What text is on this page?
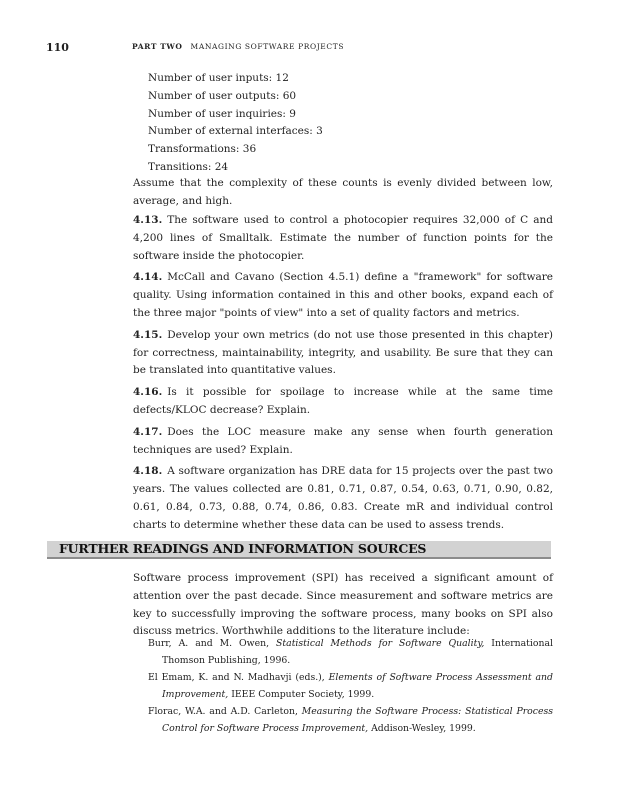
110	PART TWO MANAGING SOFTWARE PROJECTS
Number of user inputs: 12
Number of user outputs: 60
Number of user inquiries: 9
Number of external interfaces: 3
Transformations: 36
Transitions: 24

Assume that the complexity of these counts is evenly divided between low, average, and high.

4.13. The software used to control a photocopier requires 32,000 of C and 4,200 lines of Smalltalk. Estimate the number of function points for the software inside the photocopier.

4.14. McCall and Cavano (Section 4.5.1) define a "framework" for software quality. Using information contained in this and other books, expand each of the three major "points of view" into a set of quality factors and metrics.

4.15. Develop your own metrics (do not use those presented in this chapter) for correctness, maintainability, integrity, and usability. Be sure that they can be translated into quantitative values.

4.16. Is it possible for spoilage to increase while at the same time defects/KLOC decrease? Explain.

4.17. Does the LOC measure make any sense when fourth generation techniques are used? Explain.

4.18. A software organization has DRE data for 15 projects over the past two years. The values collected are 0.81, 0.71, 0.87, 0.54, 0.63, 0.71, 0.90, 0.82, 0.61, 0.84, 0.73, 0.88, 0.74, 0.86, 0.83. Create mR and individual control charts to determine whether these data can be used to assess trends.

FURTHER READINGS AND INFORMATION SOURCES

Software process improvement (SPI) has received a significant amount of attention over the past decade. Since measurement and software metrics are key to successfully improving the software process, many books on SPI also discuss metrics. Worthwhile additions to the literature include:

Burr, A. and M. Owen, Statistical Methods for Software Quality, International Thomson Publishing, 1996.

El Emam, K. and N. Madhavji (eds.), Elements of Software Process Assessment and Improvement, IEEE Computer Society, 1999.

Florac, W.A. and A.D. Carleton, Measuring the Software Process: Statistical Process Control for Software Process Improvement, Addison-Wesley, 1999.
